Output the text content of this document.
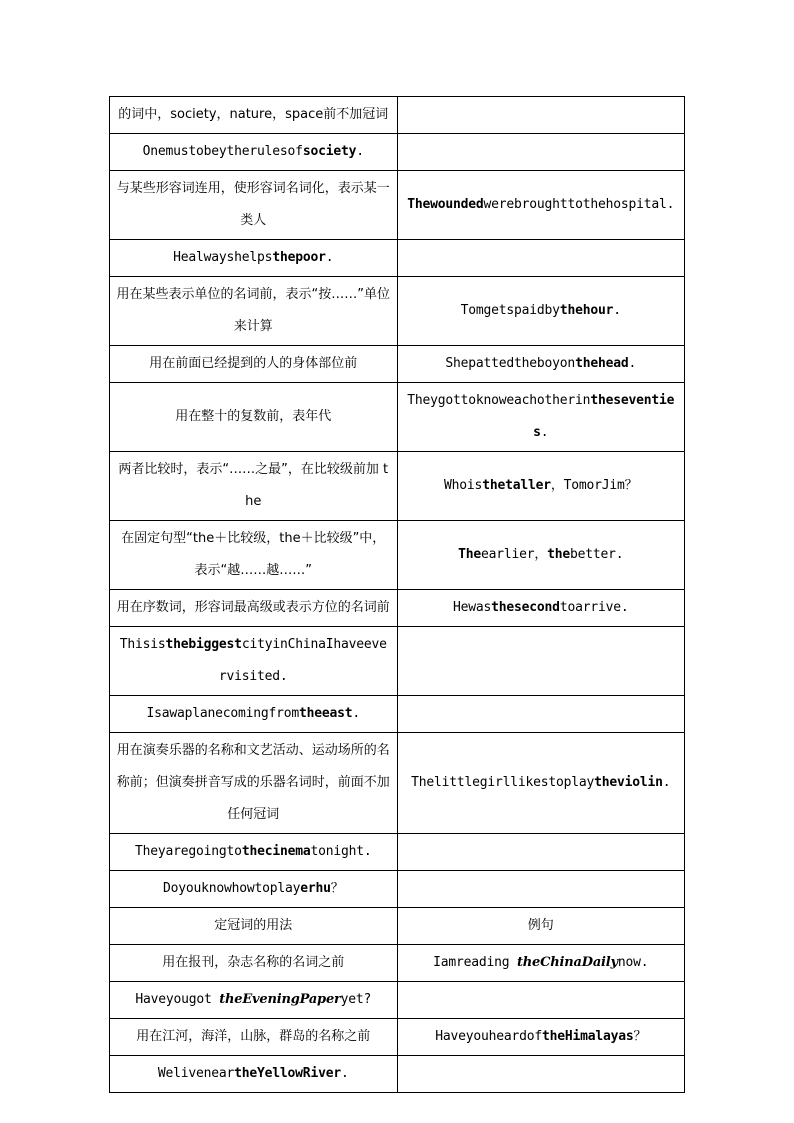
的词中，society，nature，space前不加冠词	
Onemustobeytherulesofsociety.	
与某些形容词连用，使形容词名词化，表示某一类人	Thewoundedwerebroughttothehospital.
Healwayshelpsthepoor.	
用在某些表示单位的名词前，表示“按……”单位来计算	Tomgetspaidbythehour.
用在前面已经提到的人的身体部位前	Shepattedtheboyonthehead.
用在整十的复数前，表年代	Theygottoknoweachotherintheseventies.
两者比较时，表示“……之最”，在比较级前加 the	Whoisthetaller，TomorJim？
在固定句型“the＋比较级，the＋比较级”中，表示“越……越……”	Theearlier，thebetter.
用在序数词，形容词最高级或表示方位的名词前	Hewasthesecondtoarrive.
ThisisthebiggestcityinChinaIhaveevervisited.	
Isawaplanecomingfromtheeast.	
用在演奏乐器的名称和文艺活动、运动场所的名称前；但演奏拼音写成的乐器名词时，前面不加任何冠词	Thelittlegirllikestoplaytheviolin.
Theyaregoingtothecinematonight.	
Doyouknowhowtoplayerhu？	
定冠词的用法	例句
用在报刊，杂志名称的名词之前	Iamreading theChinaDailynow.
Haveyougot theEveningPaperyet?	
用在江河，海洋，山脉，群岛的名称之前	HaveyouheardoftheHimalayas？
WeliveneartheYellowRiver.	
